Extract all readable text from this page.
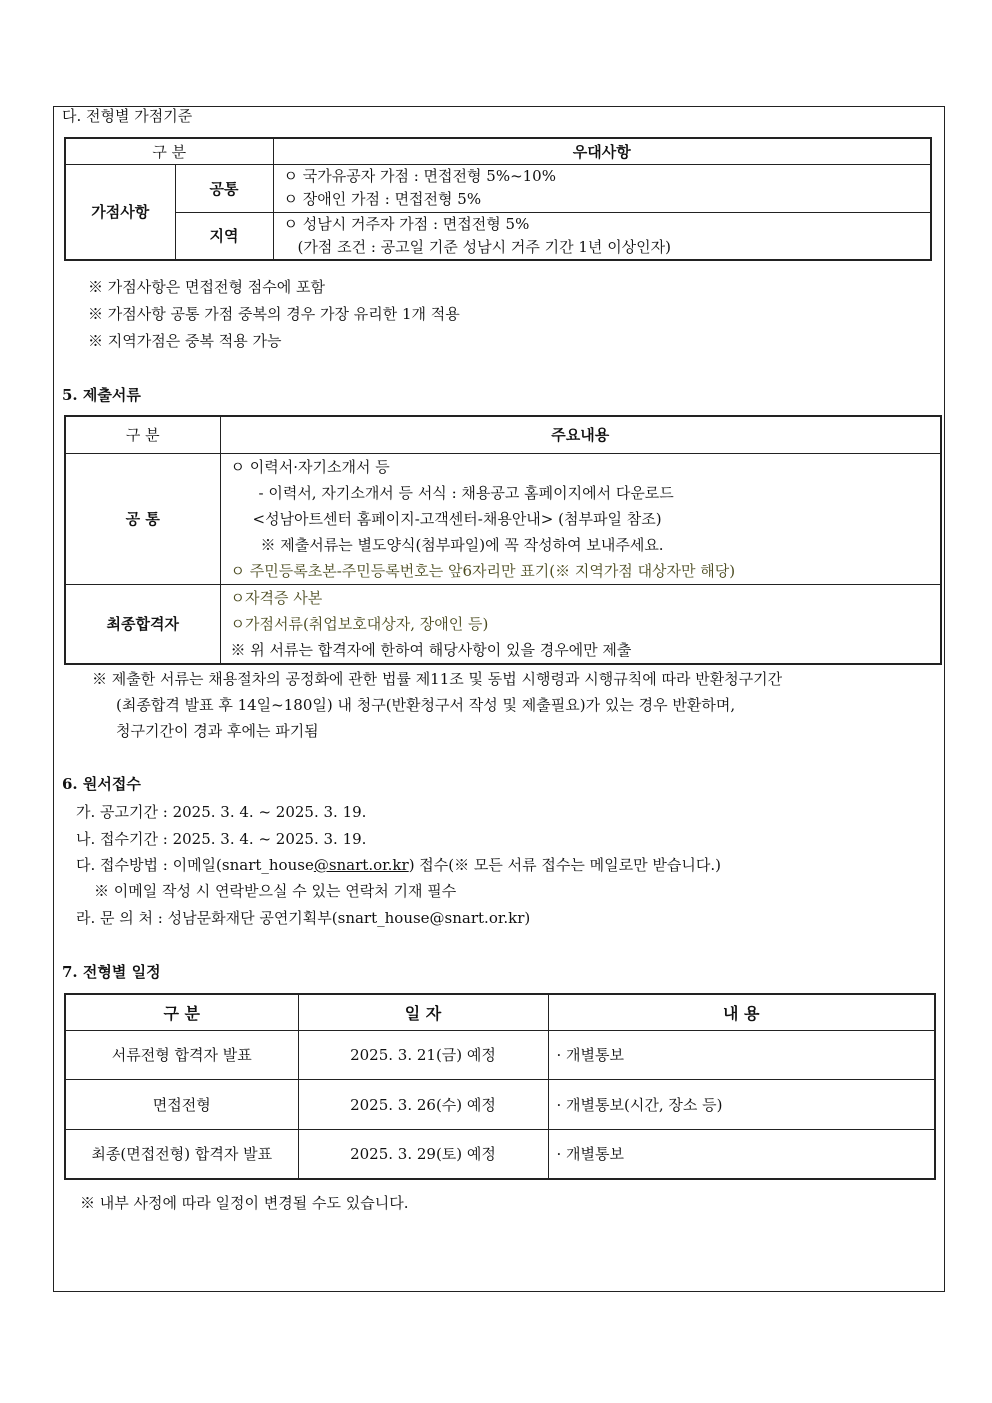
다. 전형별 가점기준
구 분		우대사항
가점사항	공통	ㅇ 국가유공자 가점 : 면접전형 5%~10%
ㅇ 장애인 가점 : 면접전형 5%

	지역	ㅇ 성남시 거주자 가점 : 면접전형 5%
(가점 조건 : 공고일 기준 성남시 거주 기간 1년 이상인자)
※ 가점사항은 면접전형 점수에 포함
※ 가점사항 공통 가점 중복의 경우 가장 유리한 1개 적용
※ 지역가점은 중복 적용 가능
5. 제출서류
구 분	주요내용
공 통	ㅇ 이력서·자기소개서 등
- 이력서, 자기소개서 등 서식 : 채용공고 홈페이지에서 다운로드
<성남아트센터 홈페이지-고객센터-채용안내> (첨부파일 참조)
※ 제출서류는 별도양식(첨부파일)에 꼭 작성하여 보내주세요.
ㅇ 주민등록초본-주민등록번호는 앞6자리만 표기(※ 지역가점 대상자만 해당)

최종합격자	ㅇ자격증 사본
ㅇ가점서류(취업보호대상자, 장애인 등)
※ 위 서류는 합격자에 한하여 해당사항이 있을 경우에만 제출
※ 제출한 서류는 채용절차의 공정화에 관한 법률 제11조 및 동법 시행령과 시행규칙에 따라 반환청구기간
(최종합격 발표 후 14일~180일) 내 청구(반환청구서 작성 및 제출필요)가 있는 경우 반환하며,
청구기간이 경과 후에는 파기됨
6. 원서접수
가. 공고기간 : 2025. 3. 4. ~ 2025. 3. 19.
나. 접수기간 : 2025. 3. 4. ~ 2025. 3. 19.
다. 접수방법 : 이메일(snart_house@snart.or.kr) 접수(※ 모든 서류 접수는 메일로만 받습니다.)
※ 이메일 작성 시 연락받으실 수 있는 연락처 기재 필수
라. 문 의 처 : 성남문화재단 공연기획부(snart_house@snart.or.kr)
7. 전형별 일정
구 분	일 자	내 용
서류전형 합격자 발표	2025. 3. 21(금) 예정	· 개별통보
면접전형	2025. 3. 26(수) 예정	· 개별통보(시간, 장소 등)
최종(면접전형) 합격자 발표	2025. 3. 29(토) 예정	· 개별통보
※ 내부 사정에 따라 일정이 변경될 수도 있습니다.
